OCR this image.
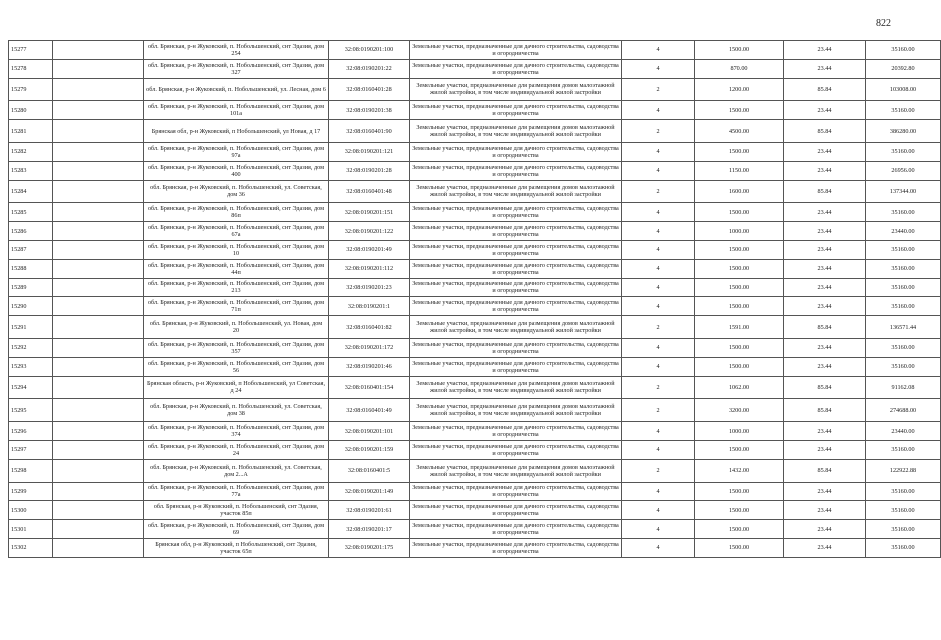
822
15277		обл. Брянская, р-н Жуковский, п. Нобольшенский, снт Эдазия, дом 254	32:08:0190201:100	Земельные участки, предназначенные для дачного строительства, садоводства и огородничества	4	1500.00	23.44	35160.00
15278		обл. Брянская, р-н Жуковский, п. Нобольшенский, снт Эдазия, дом 327	32:08:0190201:22	Земельные участки, предназначенные для дачного строительства, садоводства и огородничества	4	870.00	23.44	20392.80
15279		обл. Брянская, р-н Жуковский, п. Нобольшенский, ул. Лесная, дом 6	32:08:0160401:28	Земельные участки, предназначенные для размещения домов малоэтажной жилой застройки, в том числе индивидуальной жилой застройки	2	1200.00	85.84	103008.00
15280		обл. Брянская, р-н Жуковский, п. Нобольшенский, снт Эдазия, дом 101а	32:08:0190201:38	Земельные участки, предназначенные для дачного строительства, садоводства и огородничества	4	1500.00	23.44	35160.00
15281		Брянская обл, р-н Жуковский, п Нобольшенский, ул Новая, д 17	32:08:0160401:90	Земельные участки, предназначенные для размещения домов малоэтажной жилой застройки, в том числе индивидуальной жилой застройки	2	4500.00	85.84	386280.00
15282		обл. Брянская, р-н Жуковский, п. Нобольшенский, снт Эдазия, дом 97а	32:08:0190201:121	Земельные участки, предназначенные для дачного строительства, садоводства и огородничества	4	1500.00	23.44	35160.00
15283		обл. Брянская, р-н Жуковский, п. Нобольшенский, снт Эдазия, дом 400	32:08:0190201:28	Земельные участки, предназначенные для дачного строительства, садоводства и огородничества	4	1150.00	23.44	26956.00
15284		обл. Брянская, р-н Жуковский, п. Нобольшенский, ул. Советская, дом 36	32:08:0160401:48	Земельные участки, предназначенные для размещения домов малоэтажной жилой застройки, в том числе индивидуальной жилой застройки	2	1600.00	85.84	137344.00
15285		обл. Брянская, р-н Жуковский, п. Нобольшенский, снт Эдазия, дом 86п	32:08:0190201:151	Земельные участки, предназначенные для дачного строительства, садоводства и огородничества	4	1500.00	23.44	35160.00
15286		обл. Брянская, р-н Жуковский, п. Нобольшенский, снт Эдазия, дом 67а	32:08:0190201:122	Земельные участки, предназначенные для дачного строительства, садоводства и огородничества	4	1000.00	23.44	23440.00
15287		обл. Брянская, р-н Жуковский, п. Нобольшенский, снт Эдазия, дом 10	32:08:0190201:49	Земельные участки, предназначенные для дачного строительства, садоводства и огородничества	4	1500.00	23.44	35160.00
15288		обл. Брянская, р-н Жуковский, п. Нобольшенский, снт Эдазия, дом 44п	32:08:0190201:112	Земельные участки, предназначенные для дачного строительства, садоводства и огородничества	4	1500.00	23.44	35160.00
15289		обл. Брянская, р-н Жуковский, п. Нобольшенский, снт Эдазия, дом 213	32:08:0190201:23	Земельные участки, предназначенные для дачного строительства, садоводства и огородничества	4	1500.00	23.44	35160.00
15290		обл. Брянская, р-н Жуковский, п. Нобольшенский, снт Эдазия, дом 71п	32:08:0190201:1	Земельные участки, предназначенные для дачного строительства, садоводства и огородничества	4	1500.00	23.44	35160.00
15291		обл. Брянская, р-н Жуковский, п. Нобольшенский, ул. Новая, дом 20	32:08:0160401:82	Земельные участки, предназначенные для размещения домов малоэтажной жилой застройки, в том числе индивидуальной жилой застройки	2	1591.00	85.84	136571.44
15292		обл. Брянская, р-н Жуковский, п. Нобольшенский, снт Эдазия, дом 357	32:08:0190201:172	Земельные участки, предназначенные для дачного строительства, садоводства и огородничества	4	1500.00	23.44	35160.00
15293		обл. Брянская, р-н Жуковский, п. Нобольшенский, снт Эдазия, дом 56	32:08:0190201:46	Земельные участки, предназначенные для дачного строительства, садоводства и огородничества	4	1500.00	23.44	35160.00
15294		Брянская область, р-н Жуковский, п Нобольшенский, ул Советская, д 24	32:08:0160401:154	Земельные участки, предназначенные для размещения домов малоэтажной жилой застройки, в том числе индивидуальной жилой застройки	2	1062.00	85.84	91162.08
15295		обл. Брянская, р-н Жуковский, п. Нобольшенский, ул. Советская, дом 38	32:08:0160401:49	Земельные участки, предназначенные для размещения домов малоэтажной жилой застройки, в том числе индивидуальной жилой застройки	2	3200.00	85.84	274688.00
15296		обл. Брянская, р-н Жуковский, п. Нобольшенский, снт Эдазия, дом 374	32:08:0190201:101	Земельные участки, предназначенные для дачного строительства, садоводства и огородничества	4	1000.00	23.44	23440.00
15297		обл. Брянская, р-н Жуковский, п. Нобольшенский, снт Эдазия, дом 24	32:08:0190201:159	Земельные участки, предназначенные для дачного строительства, садоводства и огородничества	4	1500.00	23.44	35160.00
15298		обл. Брянская, р-н Жуковский, п. Нобольшенский, ул. Советская, дом 2...А	32:08:0160401:5	Земельные участки, предназначенные для размещения домов малоэтажной жилой застройки, в том числе индивидуальной жилой застройки	2	1432.00	85.84	122922.88
15299		обл. Брянская, р-н Жуковский, п. Нобольшенский, снт Эдазия, дом 77а	32:08:0190201:149	Земельные участки, предназначенные для дачного строительства, садоводства и огородничества	4	1500.00	23.44	35160.00
15300		обл. Брянская, р-н Жуковский, п. Нобольшенский, снт Эдазия, участок 85п	32:08:0190201:61	Земельные участки, предназначенные для дачного строительства, садоводства и огородничества	4	1500.00	23.44	35160.00
15301		обл. Брянская, р-н Жуковский, п. Нобольшенский, снт Эдазия, дом 69	32:08:0190201:17	Земельные участки, предназначенные для дачного строительства, садоводства и огородничества	4	1500.00	23.44	35160.00
15302		Брянская обл, р-н Жуковский, п Нобольшенский, снт Эдазия, участок 65п	32:08:0190201:175	Земельные участки, предназначенные для дачного строительства, садоводства и огородничества	4	1500.00	23.44	35160.00
